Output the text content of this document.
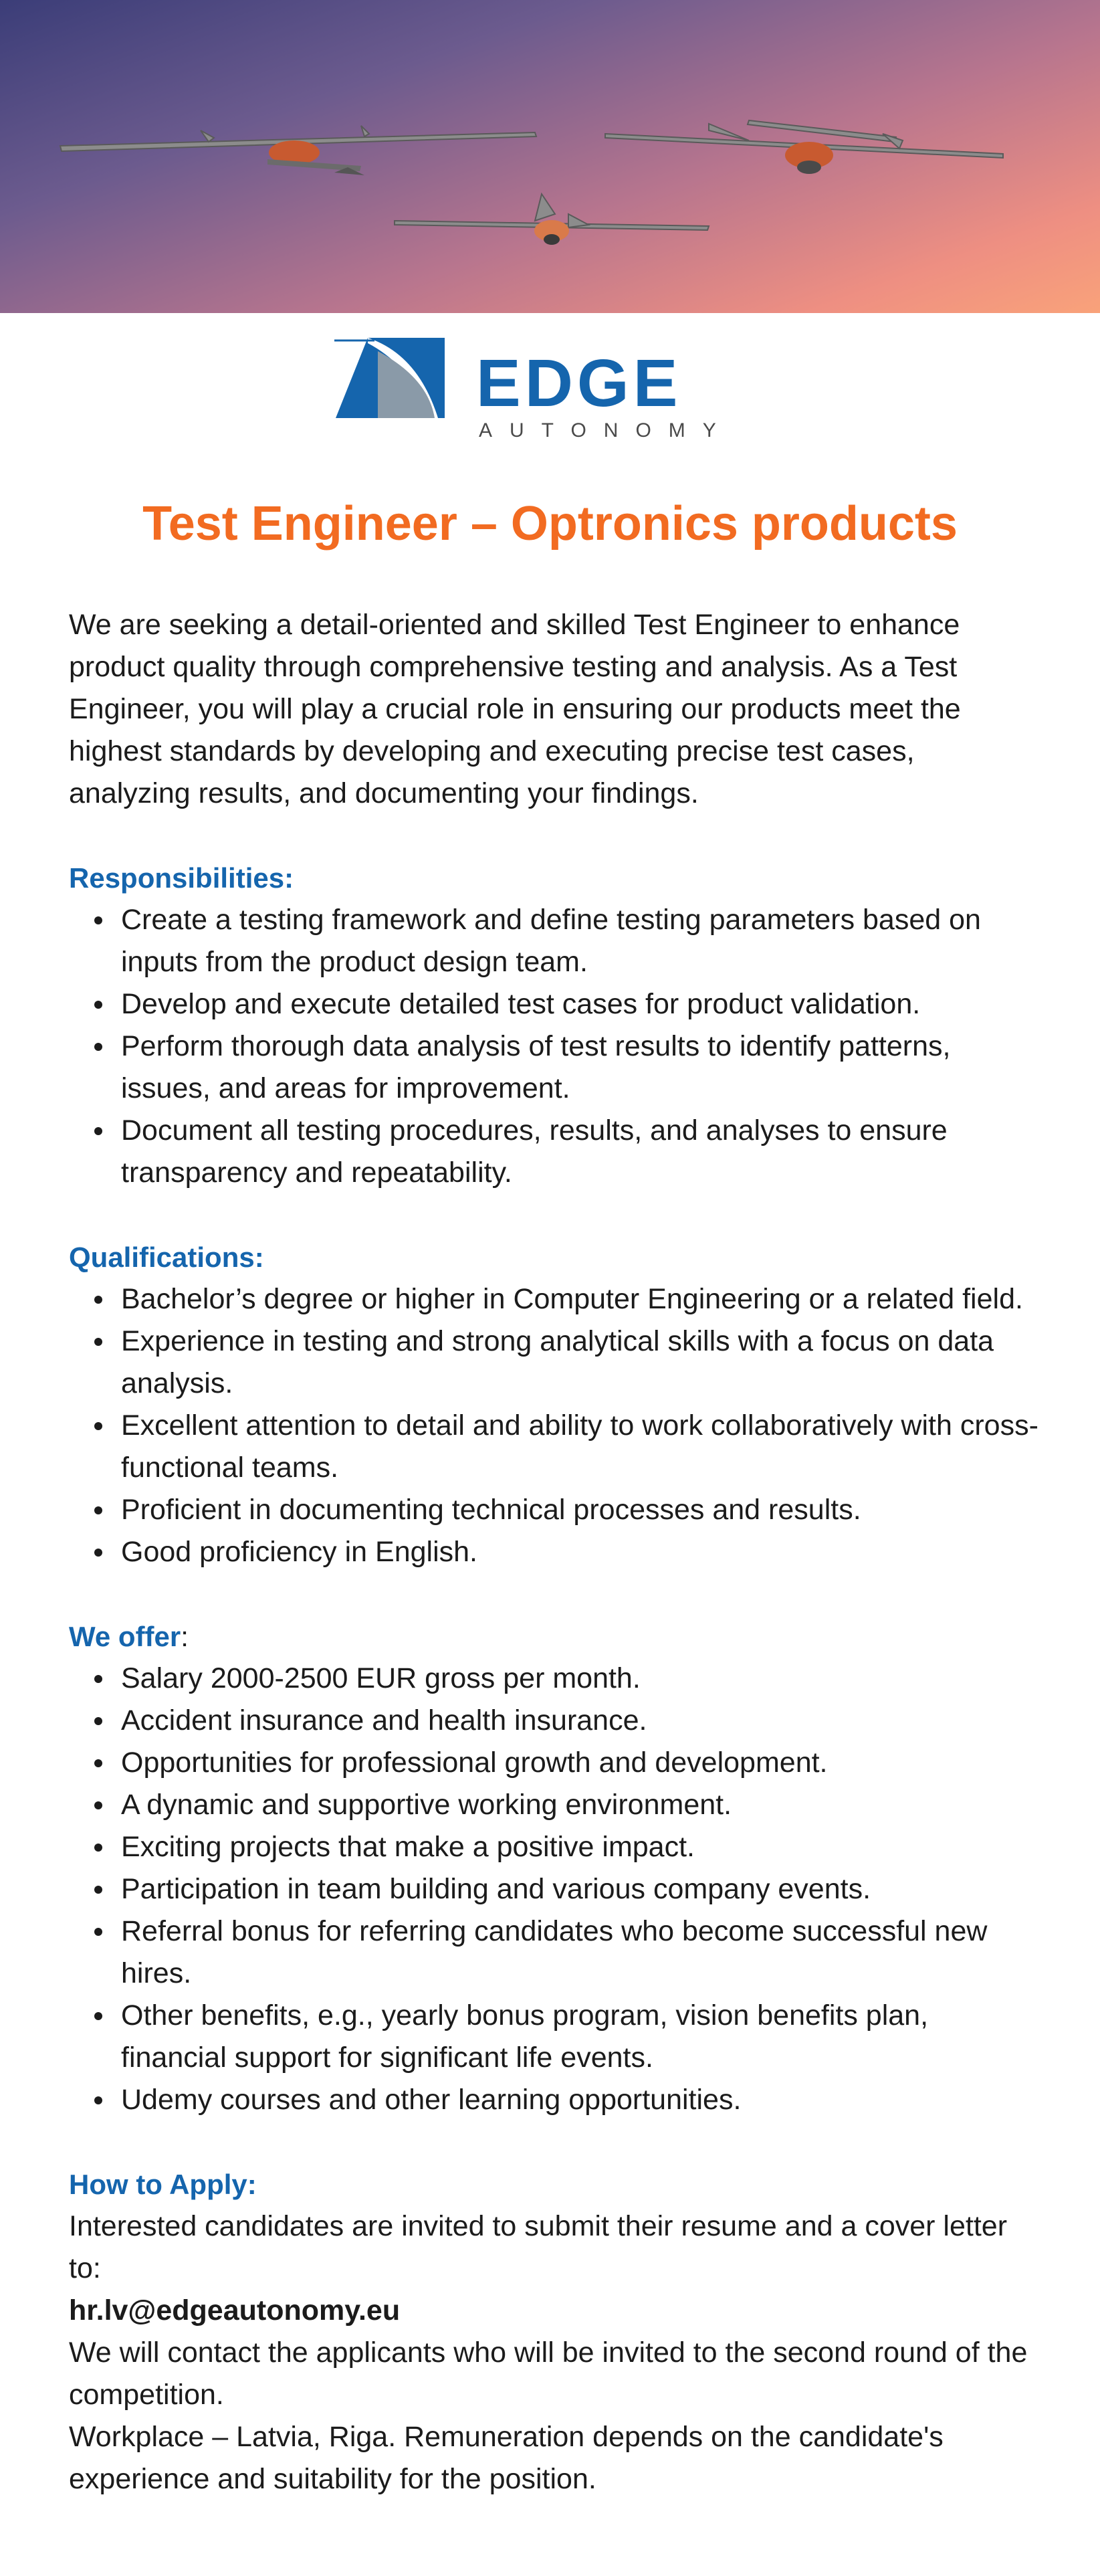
EDGE
AUTONOMY
Test Engineer – Optronics products

We are seeking a detail-oriented and skilled Test Engineer to enhance product quality through comprehensive testing and analysis. As a Test Engineer, you will play a crucial role in ensuring our products meet the highest standards by developing and executing precise test cases, analyzing results, and documenting your findings.

Responsibilities:
Create a testing framework and define testing parameters based on inputs from the product design team.
Develop and execute detailed test cases for product validation.
Perform thorough data analysis of test results to identify patterns, issues, and areas for improvement.
Document all testing procedures, results, and analyses to ensure transparency and repeatability.
Qualifications:
Bachelor’s degree or higher in Computer Engineering or a related field.
Experience in testing and strong analytical skills with a focus on data analysis.
Excellent attention to detail and ability to work collaboratively with cross-functional teams.
Proficient in documenting technical processes and results.
Good proficiency in English.
We offer:
Salary 2000-2500 EUR gross per month.
Accident insurance and health insurance.
Opportunities for professional growth and development.
A dynamic and supportive working environment.
Exciting projects that make a positive impact.
Participation in team building and various company events.
Referral bonus for referring candidates who become successful new hires.
Other benefits, e.g., yearly bonus program, vision benefits plan, financial support for significant life events.
Udemy courses and other learning opportunities.
How to Apply:

Interested candidates are invited to submit their resume and a cover letter to:

hr.lv@edgeautonomy.eu

We will contact the applicants who will be invited to the second round of the competition.

Workplace – Latvia, Riga. Remuneration depends on the candidate's experience and suitability for the position.
